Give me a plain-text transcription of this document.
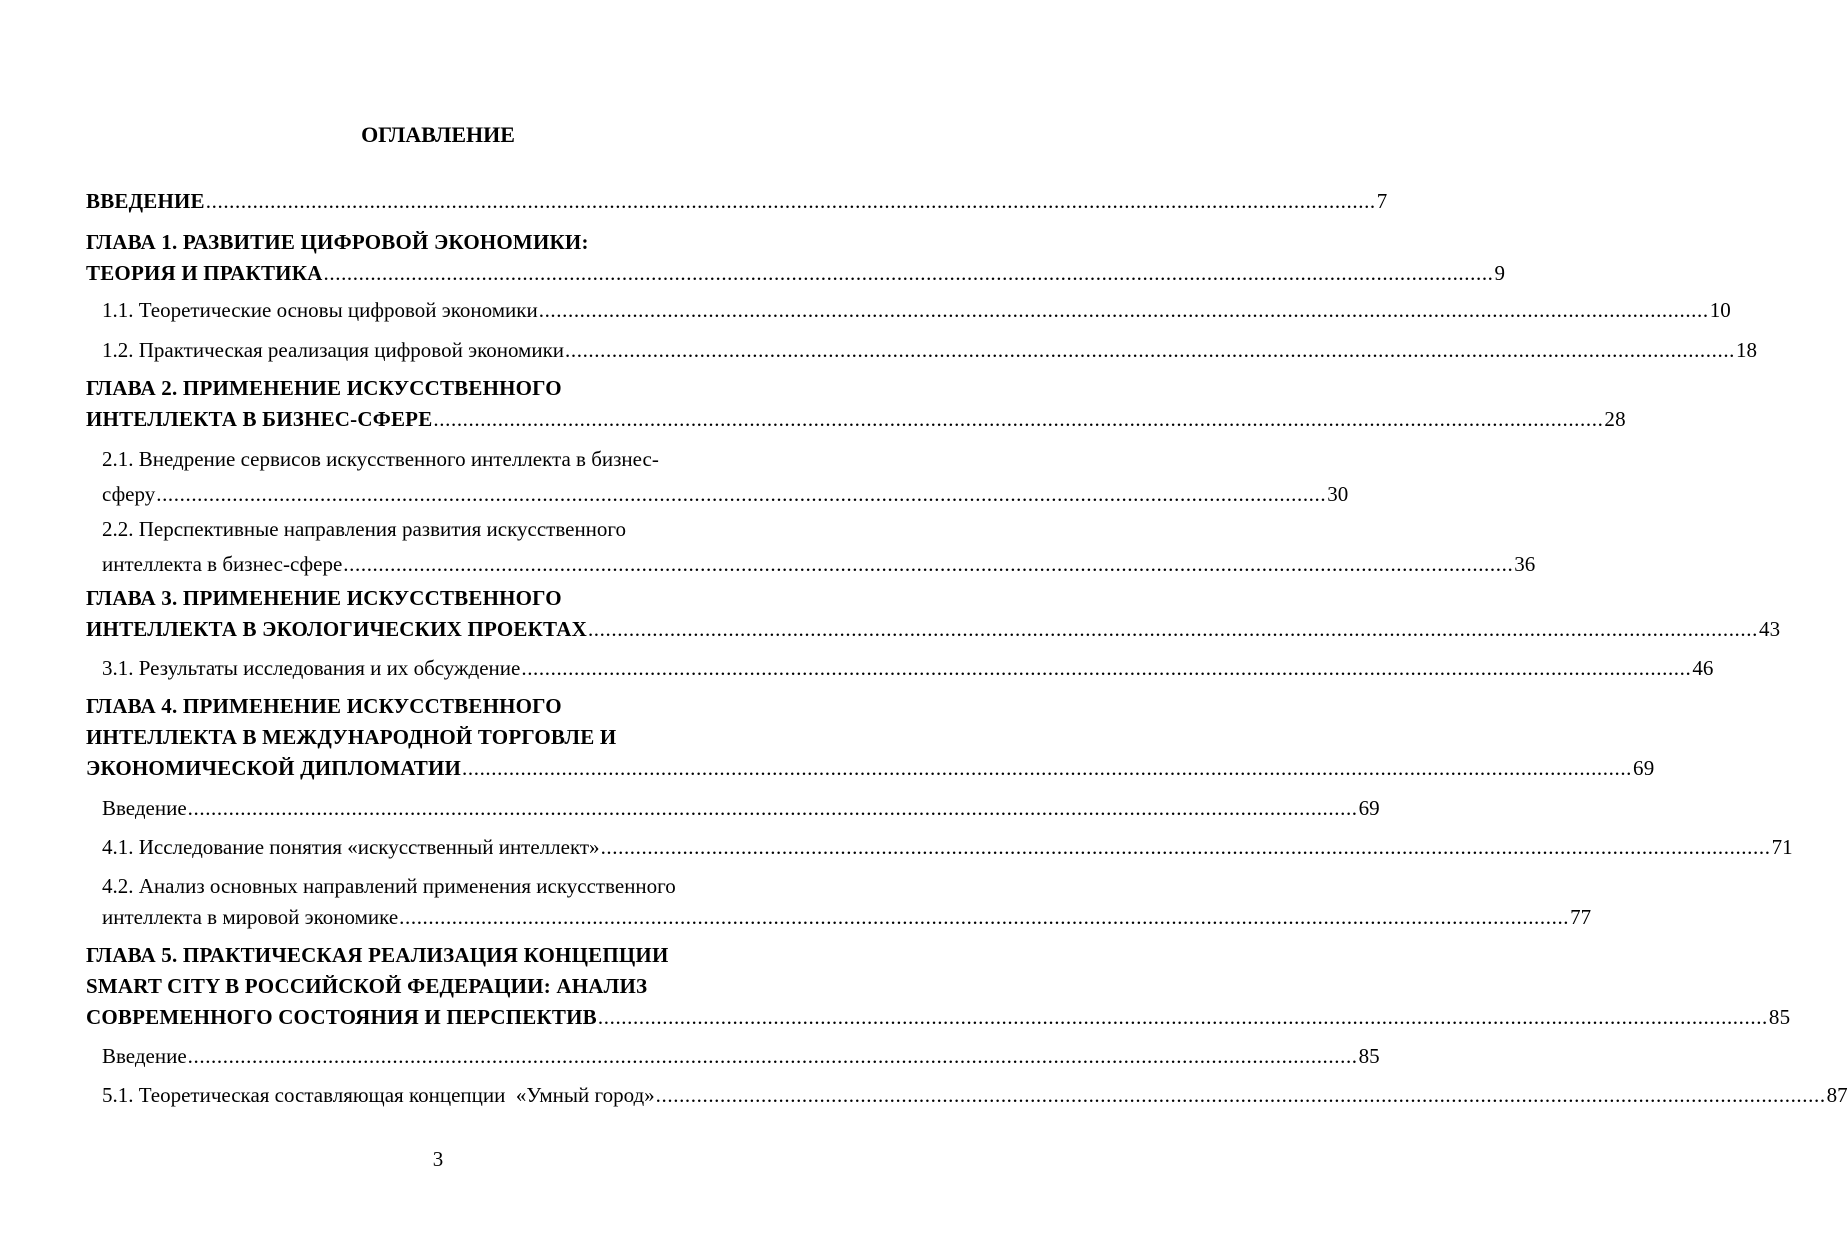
ОГЛАВЛЕНИЕ
ВВЕДЕНИЕ ........................................................................................................................................................................................................ 7
ГЛАВА 1. РАЗВИТИЕ ЦИФРОВОЙ ЭКОНОМИКИ:
ТЕОРИЯ И ПРАКТИКА ........................................................................................................................................................................................................ 9
1.1. Теоретические основы цифровой экономики ........................................................................................................................................................................................................ 10
1.2. Практическая реализация цифровой экономики ........................................................................................................................................................................................................ 18
ГЛАВА 2. ПРИМЕНЕНИЕ ИСКУССТВЕННОГО
ИНТЕЛЛЕКТА В БИЗНЕС-СФЕРЕ ........................................................................................................................................................................................................ 28
2.1. Внедрение сервисов искусственного интеллекта в бизнес-
сферу ........................................................................................................................................................................................................ 30
2.2. Перспективные направления развития искусственного
интеллекта в бизнес-сфере ........................................................................................................................................................................................................ 36
ГЛАВА 3. ПРИМЕНЕНИЕ ИСКУССТВЕННОГО
ИНТЕЛЛЕКТА В ЭКОЛОГИЧЕСКИХ ПРОЕКТАХ ........................................................................................................................................................................................................ 43
3.1. Результаты исследования и их обсуждение ........................................................................................................................................................................................................ 46
ГЛАВА 4. ПРИМЕНЕНИЕ ИСКУССТВЕННОГО
ИНТЕЛЛЕКТА В МЕЖДУНАРОДНОЙ ТОРГОВЛЕ И
ЭКОНОМИЧЕСКОЙ ДИПЛОМАТИИ ........................................................................................................................................................................................................ 69
Введение ........................................................................................................................................................................................................ 69
4.1. Исследование понятия «искусственный интеллект» ........................................................................................................................................................................................................ 71
4.2. Анализ основных направлений применения искусственного
интеллекта в мировой экономике ........................................................................................................................................................................................................ 77
ГЛАВА 5. ПРАКТИЧЕСКАЯ РЕАЛИЗАЦИЯ КОНЦЕПЦИИ
SMART CITY В РОССИЙСКОЙ ФЕДЕРАЦИИ: АНАЛИЗ
СОВРЕМЕННОГО СОСТОЯНИЯ И ПЕРСПЕКТИВ ........................................................................................................................................................................................................ 85
Введение ........................................................................................................................................................................................................ 85
5.1. Теоретическая составляющая концепции  «Умный город» ........................................................................................................................................................................................................ 87
3
